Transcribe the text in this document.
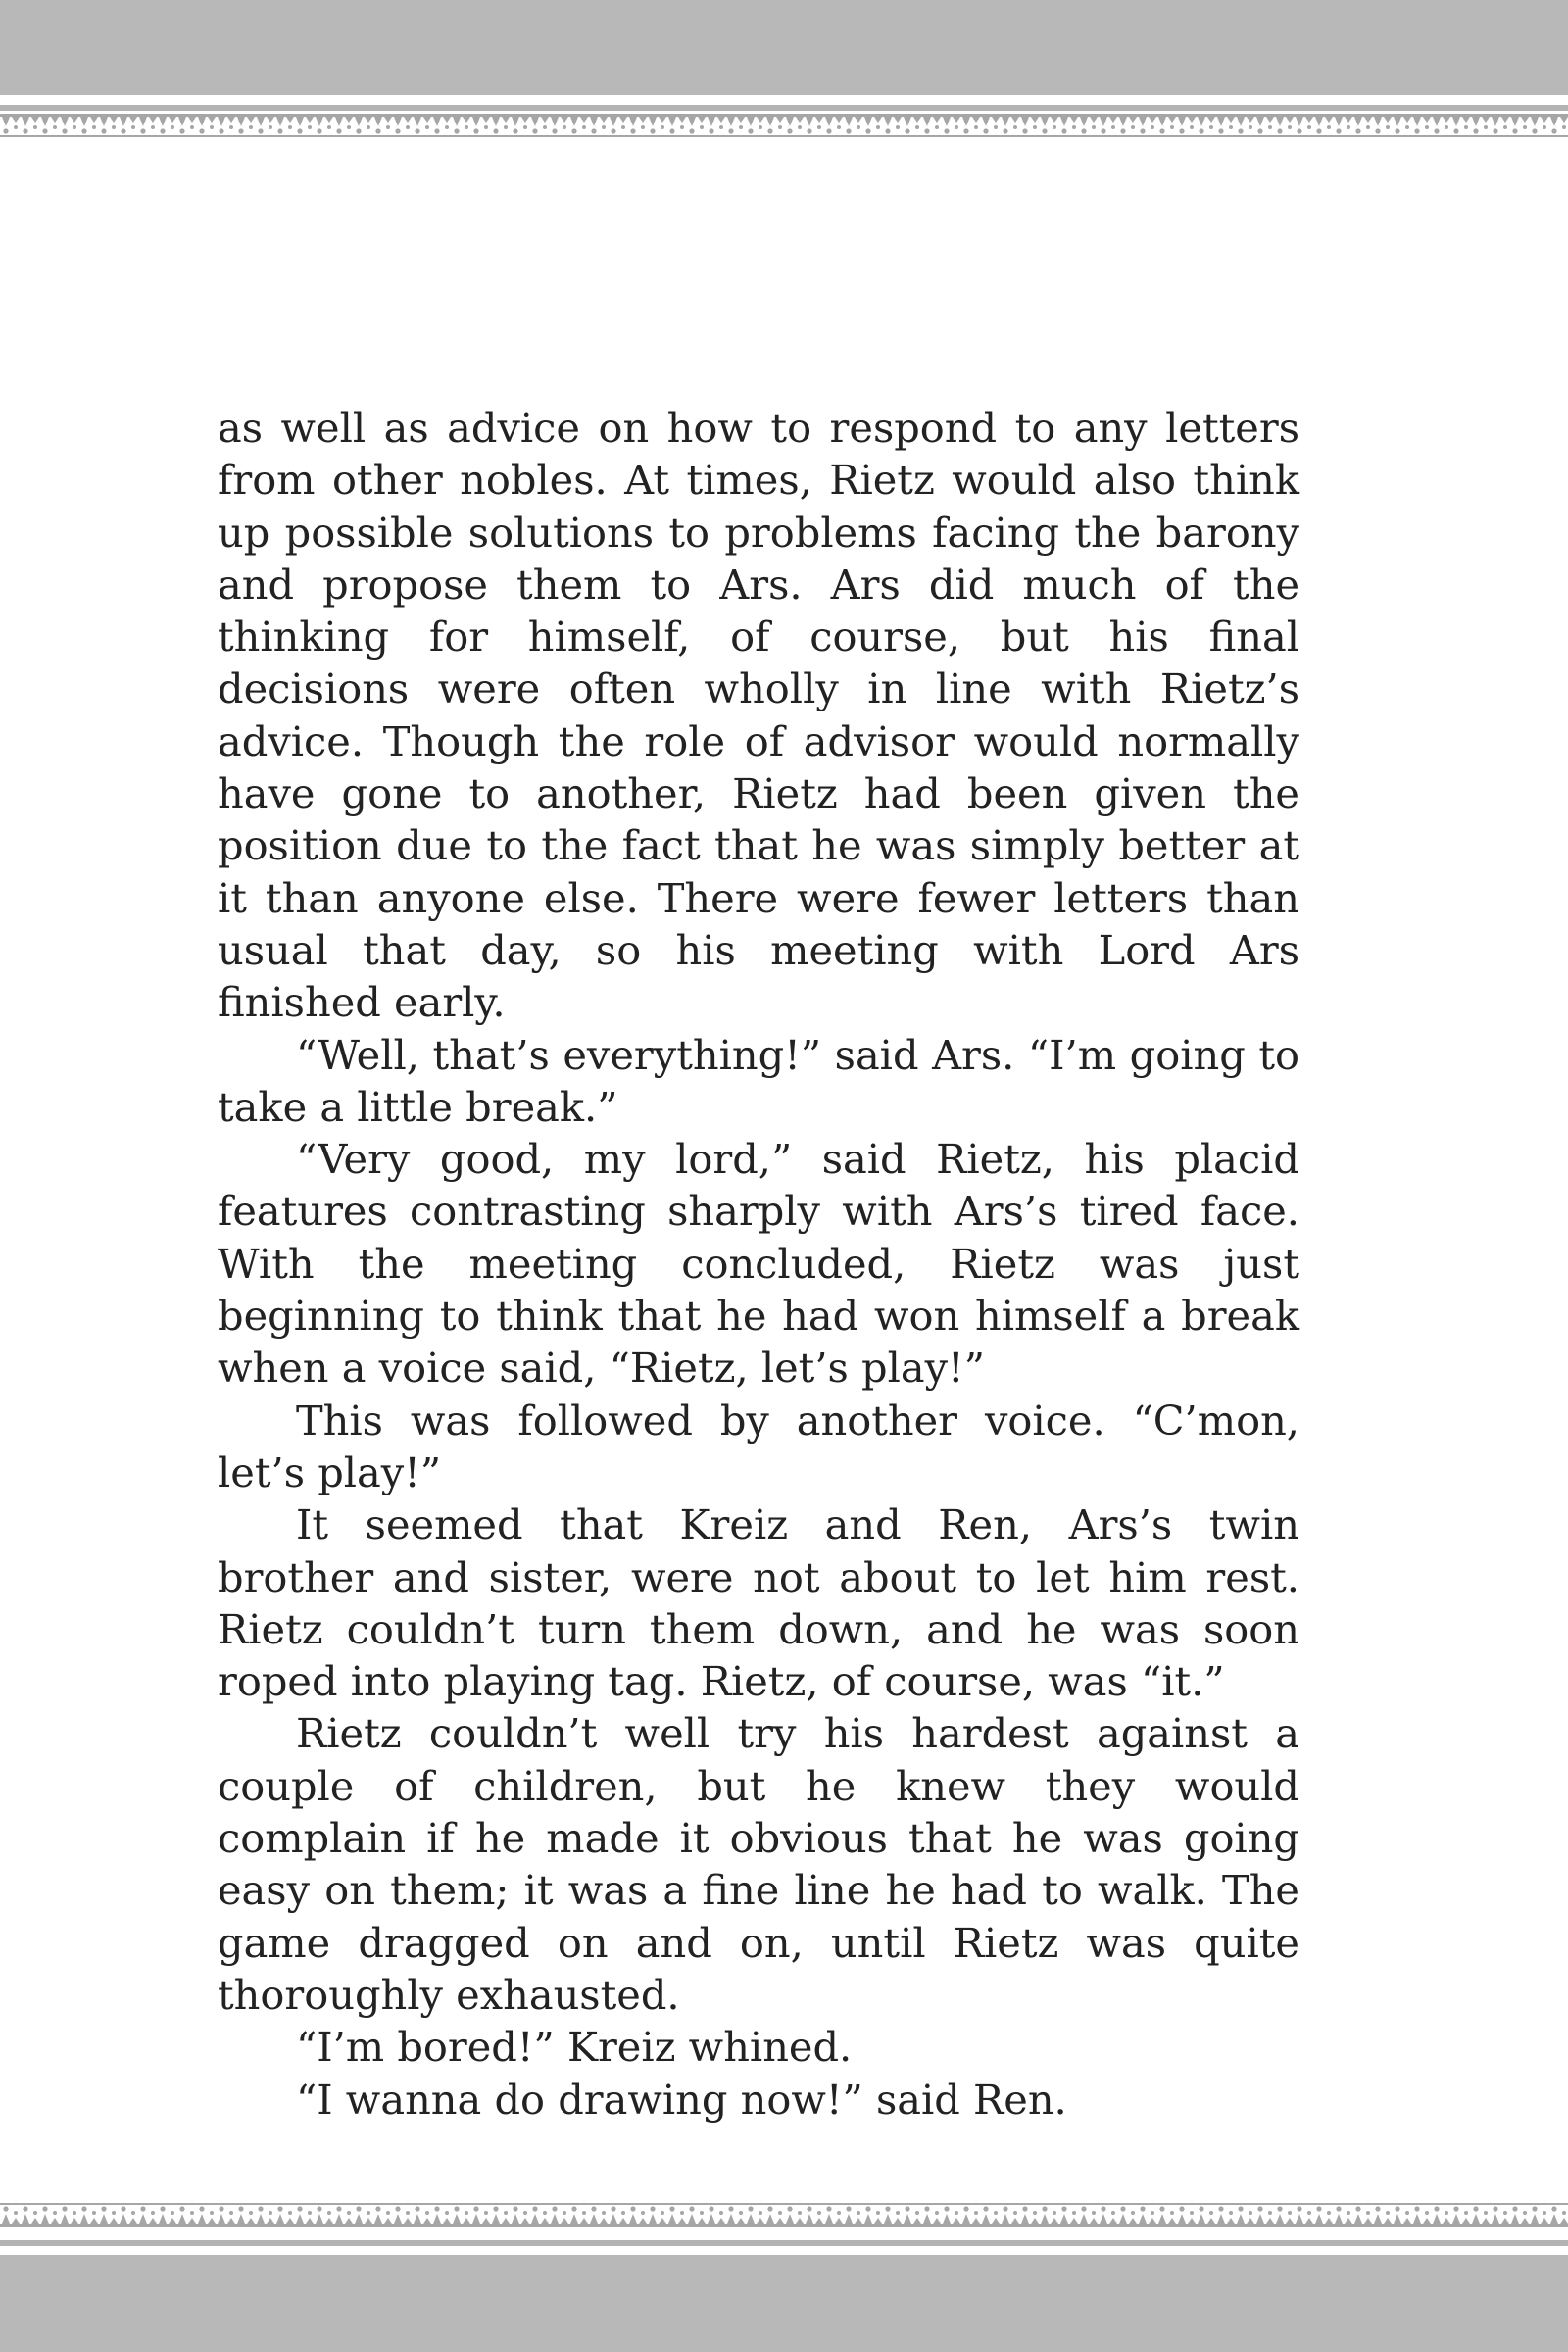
as well as advice on how to respond to any letters from other nobles. At times, Rietz would also think up possible solutions to problems facing the barony and propose them to Ars. Ars did much of the thinking for himself, of course, but his final decisions were often wholly in line with Rietz’s advice. Though the role of advisor would normally have gone to another, Rietz had been given the position due to the fact that he was simply better at it than anyone else. There were fewer letters than usual that day, so his meeting with Lord Ars finished early.

“Well, that’s everything!” said Ars. “I’m going to take a little break.”

“Very good, my lord,” said Rietz, his placid features contrasting sharply with Ars’s tired face. With the meeting concluded, Rietz was just beginning to think that he had won himself a break when a voice said, “Rietz, let’s play!”

This was followed by another voice. “C’mon, let’s play!”

It seemed that Kreiz and Ren, Ars’s twin brother and sister, were not about to let him rest. Rietz couldn’t turn them down, and he was soon roped into playing tag. Rietz, of course, was “it.”

Rietz couldn’t well try his hardest against a couple of children, but he knew they would complain if he made it obvious that he was going easy on them; it was a fine line he had to walk. The game dragged on and on, until Rietz was quite thoroughly exhausted.

“I’m bored!” Kreiz whined.

“I wanna do drawing now!” said Ren.
